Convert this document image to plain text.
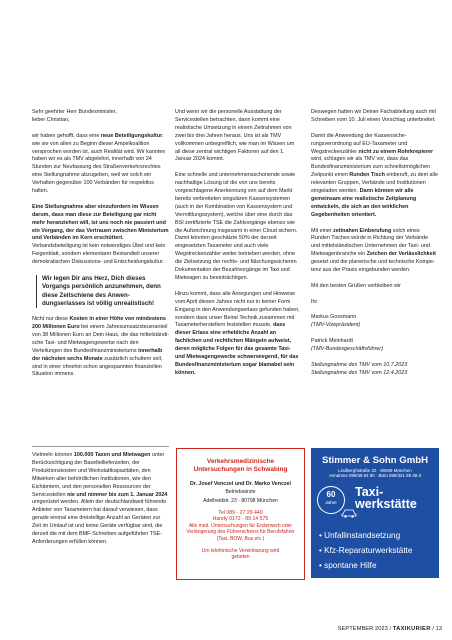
Sehr geehrter Herr Bundesminister,
lieber Christian,

wir haben gehofft, dass eine neue Beteiligungskultur, wie sie von allen zu Beginn dieser Ampelkoalition versprochen worden ist, auch Realität wird. Wir kannten haben wir es als TMV abgelehnt, innerhalb von 24 Stunden zur Neufassung des Straßenverkehrsrechtes eine Stellungnahme abzugeben, weil wir solch ein Verhalten gegenüber 100 Verbänden für respektlos halten.

Eine Stellungnahme aber einzufordern im Wissen darum, dass man diese zur Beteiligung gar nicht mehr heranziehen will, ist uns noch nie passiert und ein Vorgang, der das Vertrauen zwischen Ministerium und Verbänden im Kern erschüttert. Verbandsbeteiligung ist kein notwendiges Übel und kein Feigenblatt, sondern elementarer Bestandteil unserer demokratischen Diskussions- und Entscheidungskultur.

Wir legen Dir ans Herz, Dich dieses Vorgangs persönlich anzunehmen, denn diese Zeitschiene des Anwendungserlasses ist völlig unrealistisch!

Nicht nur diese Kosten in einer Höhe von mindestens 200 Millionen Euro bei einem Jahresumsatzsteueranteil von 38 Millionen Euro an Dein Haus, die das mittelständische Taxi- und Mietwagengewerbe nach den Verteilungen des Bundesfinanzministeriums innerhalb der nächsten sechs Monate zusätzlich schultern soll, sind in einer ohnehin schon angespannten finanziellen Situation immens.

Vielmehr können 100.000 Taxen und Mietwagen unter Berücksichtigung der Baseltellieferzeiten, der Produktionskosten und Werkstattkapazitäten, den Mitwirken aller behördlichen Institutionen, wie den Eichämtern, und den personellen Ressourcen der Servicestellen nie und nimmer bis zum 1. Januar 2024 umgerüstet werden. Allein der deutschlandweit führende Anbieter von Taxametern hat darauf verwiesen, dass gerade einmal eine dreistellige Anzahl an Geräten zur Zeit im Umlauf ist und keine Geräte verfügbar sind, die derzeit die mit dem BMF-Schreiben aufgeführten TSE-Anforderungen erfüllen können.

Und wenn wir die personelle Ausstattung der Servicestellen betrachten, dann kommt eine realistische Umsetzung in einem Zeitrahmen von zwei bis drei Jahren heraus. Uns ist als TMV vollkommen unbegreiflich, wie man im Wissen um all diese zentral wichtigen Faktoren auf den 1. Januar 2024 kommt.

Eine schnelle und unternehmensschonende sowie nachhaltige Lösung ist die von uns bereits vorgeschlagene Anerkennung von auf dem Markt bereits verbreiteten singulären Kassensystemen (auch in der Kombination von Kassensystem und Vermittlungssystem), welche über eine durch das BSI zertifizierte TSE die Zahlvorgänge ebenso wie die Aufzeichnung insgesamt in einer Cloud sichern. Damit könnten geschätzte 50% der derzeit eingesetzten Taxameter und auch viele Wegstreckenzähler weiter betrieben werden, ohne die Zielsetzung der rechts- und fälschungssicheren Dokumentation der Bezahlvorgänge im Taxi und Mietwagen zu beeinträchtigen.

Hinzu kommt, dass alle Anregungen und Hinweise vom April diesen Jahres nicht nur in keiner Form Eingang in den Anwendungserlass gefunden haben, sondern dass unser Beirat Technik zusammen mit Taxameterherstellern feststellen musste, dass dieser Erlass eine erhebliche Anzahl an fachlichen und rechtlichen Mängeln aufweist, deren mögliche Folgen für das gesamte Taxi- und Mietwagengewerbe schwerwiegend, für das Bundesfinanzministerium sogar blamabel sein können.

Deswegen hatten wir Deiner Fachabteilung auch mit Schreiben vom 10. Juli einen Vorschlag unterbreitet:

Damit die Anwendung der Kassensicherungsverordnung auf EU-Taxameter und Wegstreckenzähler nicht zu einem Rohrkrepierer wird, schlagen wir als TMV vor, dass das Bundesfinanzministerium zum schnellstmöglichen Zeitpunkt einen Runden Tisch einberuft, zu dem alle relevanten Gruppen, Verbände und Institutionen eingeladen werden. Dann können wir alle gemeinsam eine realistische Zeitplanung entwickeln, die sich an den wirklichen Gegebenheiten orientiert.

Mit einer zeitnahen Einberufung solch eines Runden Tisches würde in Richtung der Verbände und mittelständischen Unternehmen der Taxi- und Mietwagenbranche ein Zeichen der Verlässlichkeit gesetzt und die planerische und technische Kompetenz aus der Praxis eingebunden werden.

Mit den besten Grüßen verbleiben wir

Ihr

Markus Gossmann

(TMV-Vizepräsident)

Patrick Meinhardt

(TMV-Bundesgeschäftsführer)

Stellungnahme des TMV vom 10.7.2023

Stellungnahme des TMV vom 12.4.2023

Verkehrsmedizinische
Untersuchungen in Schwabing
Dr. Josef Venczel und Dr. Marko Venczel
Betriebsärzte
Adelheidstr. 23 · 80798 München
Tel 089 - 27 29 440
Handy 0172 - 89 14 575
Alle med. Untersuchungen für Ersterwerb oder Verlängerung des Führerscheins für Berufsfahrer (Taxi, BOW, Bus etc.)
Um telefonische Vereinbarung wird gebeten
Stimmer & Sohn GmbH
Lindberghstraße 20 · 80939 München
Annahme 089/38 84 80 · Büro 089/321 89 39-3
60
Jahre
Taxi-
werkstätte
• Unfallinstandsetzung
• Kfz-Reparaturwerkstätte
• spontane Hilfe
SEPTEMBER 2023 / TAXIKURIER / 13
